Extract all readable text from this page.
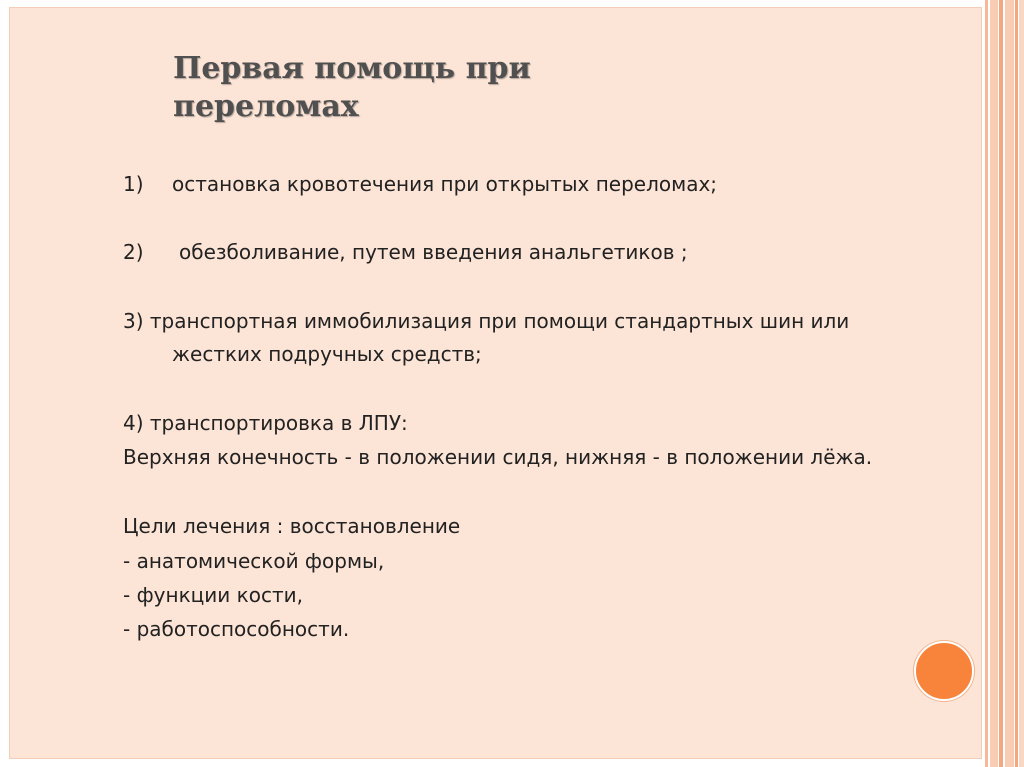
Первая помощь при
переломах
1) остановка кровотечения при открытых переломах;
2) обезболивание, путем введения анальгетиков ;
3) транспортная иммобилизация при помощи стандартных шин или
жестких подручных средств;
4) транспортировка в ЛПУ:
Верхняя конечность - в положении сидя, нижняя - в положении лёжа.
Цели лечения : восстановление
- анатомической формы,
- функции кости,
- работоспособности.
